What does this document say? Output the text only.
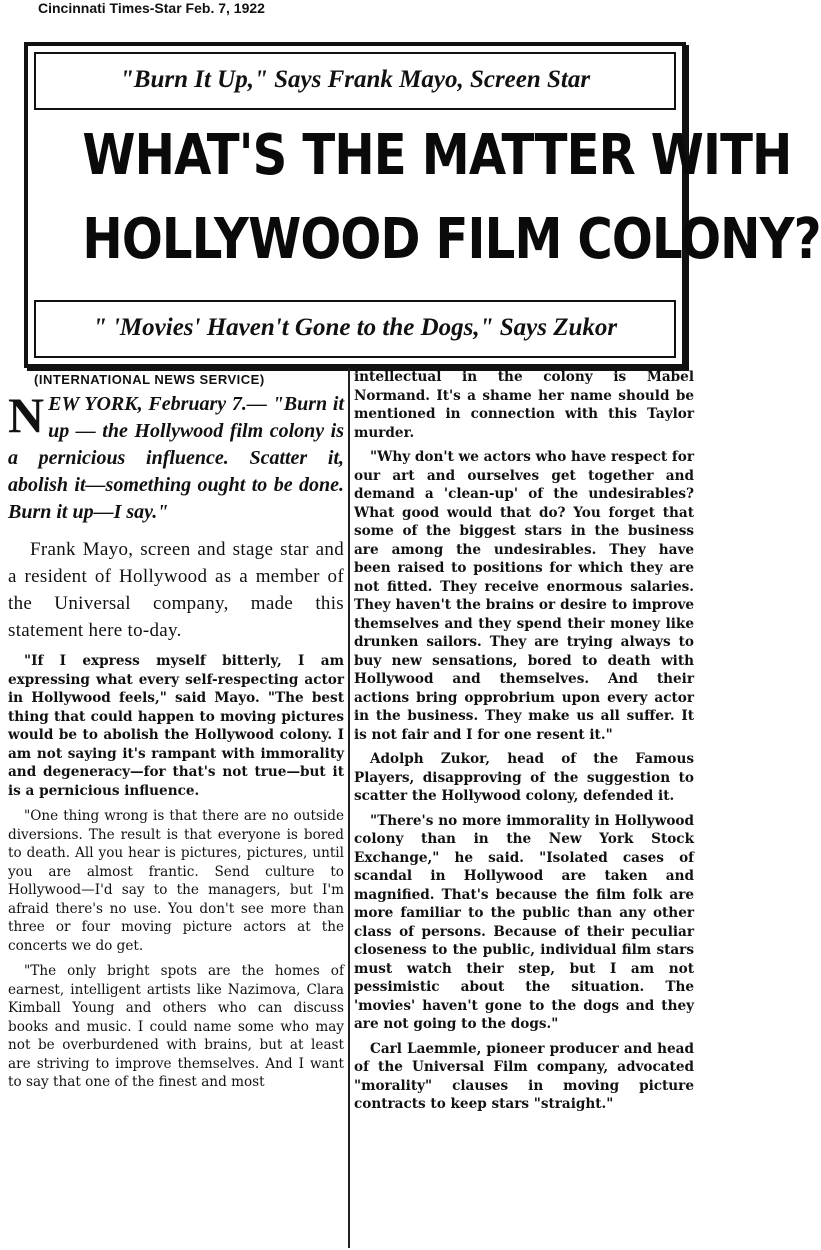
Cincinnati Times-Star Feb. 7, 1922
"Burn It Up," Says Frank Mayo, Screen Star
WHAT'S THE MATTER WITH
HOLLYWOOD FILM COLONY?
" 'Movies' Haven't Gone to the Dogs," Says Zukor
(INTERNATIONAL NEWS SERVICE)
N EW YORK, February 7.— "Burn it up — the Hollywood film colony is a pernicious influence. Scatter it, abolish it—something ought to be done. Burn it up—I say."

Frank Mayo, screen and stage star and a resident of Hollywood as a member of the Universal company, made this statement here to-day.

"If I express myself bitterly, I am expressing what every self-respecting actor in Hollywood feels," said Mayo. "The best thing that could happen to moving pictures would be to abolish the Hollywood colony. I am not saying it's rampant with immorality and degeneracy—for that's not true—but it is a pernicious influence.

"One thing wrong is that there are no outside diversions. The result is that everyone is bored to death. All you hear is pictures, pictures, until you are almost frantic. Send culture to Hollywood—I'd say to the managers, but I'm afraid there's no use. You don't see more than three or four moving picture actors at the concerts we do get.

"The only bright spots are the homes of earnest, intelligent artists like Nazimova, Clara Kimball Young and others who can discuss books and music. I could name some who may not be overburdened with brains, but at least are striving to improve themselves. And I want to say that one of the finest and most

intellectual in the colony is Mabel Normand. It's a shame her name should be mentioned in connection with this Taylor murder.

"Why don't we actors who have respect for our art and ourselves get together and demand a 'clean-up' of the undesirables? What good would that do? You forget that some of the biggest stars in the business are among the undesirables. They have been raised to positions for which they are not fitted. They receive enormous salaries. They haven't the brains or desire to improve themselves and they spend their money like drunken sailors. They are trying always to buy new sensations, bored to death with Hollywood and themselves. And their actions bring opprobrium upon every actor in the business. They make us all suffer. It is not fair and I for one resent it."

Adolph Zukor, head of the Famous Players, disapproving of the suggestion to scatter the Hollywood colony, defended it.

"There's no more immorality in Hollywood colony than in the New York Stock Exchange," he said. "Isolated cases of scandal in Hollywood are taken and magnified. That's because the film folk are more familiar to the public than any other class of persons. Because of their peculiar closeness to the public, individual film stars must watch their step, but I am not pessimistic about the situation. The 'movies' haven't gone to the dogs and they are not going to the dogs."

Carl Laemmle, pioneer producer and head of the Universal Film company, advocated "morality" clauses in moving picture contracts to keep stars "straight."
